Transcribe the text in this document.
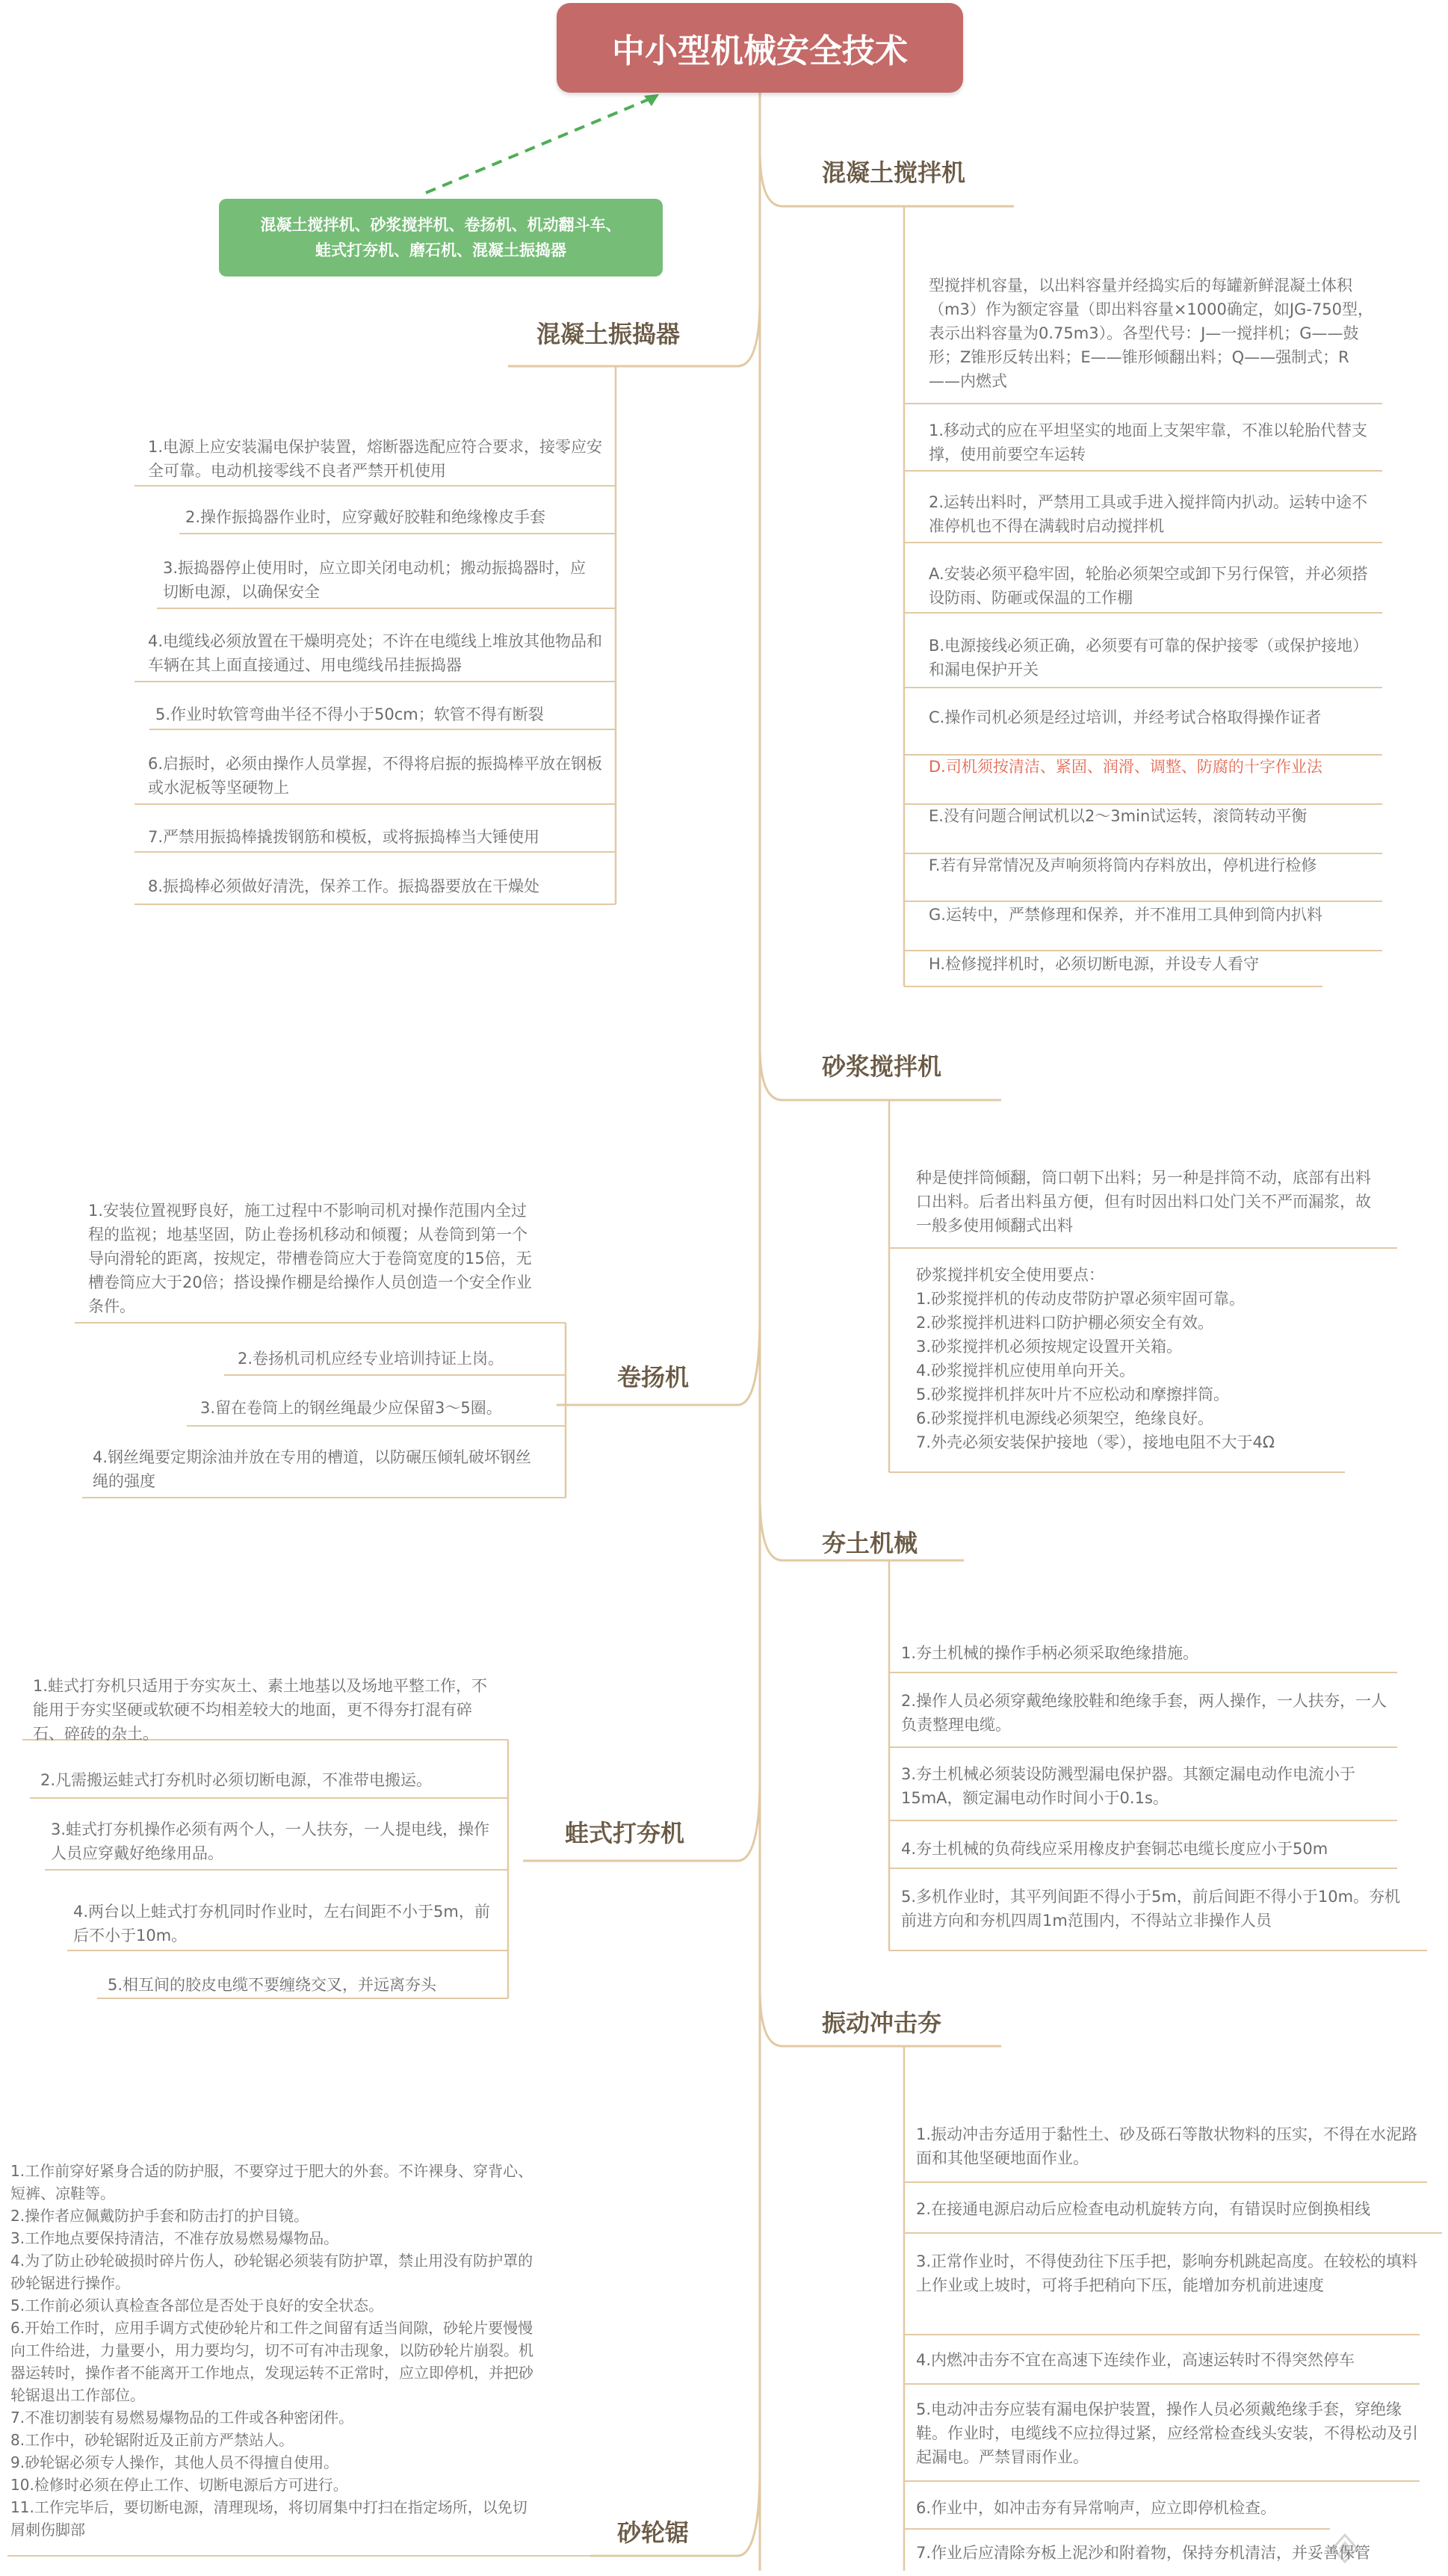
中小型机械安全技术
混凝土搅拌机、砂浆搅拌机、卷扬机、机动翻斗车、
蛙式打夯机、磨石机、混凝土振捣器
混凝土搅拌机
型搅拌机容量，以出料容量并经捣实后的每罐新鲜混凝土体积（m3）作为额定容量（即出料容量×1000确定，如JG-750型，表示出料容量为0.75m3）。各型代号：J—一搅拌机；G——鼓形；Z锥形反转出料；E——锥形倾翻出料；Q——强制式；R——内燃式
1.移动式的应在平坦坚实的地面上支架牢靠，不准以轮胎代替支撑，使用前要空车运转
2.运转出料时，严禁用工具或手进入搅拌筒内扒动。运转中途不准停机也不得在满载时启动搅拌机
A.安装必须平稳牢固，轮胎必须架空或卸下另行保管，并必须搭设防雨、防砸或保温的工作棚
B.电源接线必须正确，必须要有可靠的保护接零（或保护接地）和漏电保护开关
C.操作司机必须是经过培训，并经考试合格取得操作证者
D.司机须按清洁、紧固、润滑、调整、防腐的十字作业法
E.没有问题合闸试机以2～3min试运转，滚筒转动平衡
F.若有异常情况及声响须将筒内存料放出，停机进行检修
G.运转中，严禁修理和保养，并不准用工具伸到筒内扒料
H.检修搅拌机时，必须切断电源，并设专人看守
砂浆搅拌机
种是使拌筒倾翻，筒口朝下出料；另一种是拌筒不动，底部有出料口出料。后者出料虽方便，但有时因出料口处门关不严而漏浆，故一般多使用倾翻式出料
砂浆搅拌机安全使用要点：
1.砂浆搅拌机的传动皮带防护罩必须牢固可靠。
2.砂浆搅拌机进料口防护棚必须安全有效。
3.砂浆搅拌机必须按规定设置开关箱。
4.砂浆搅拌机应使用单向开关。
5.砂浆搅拌机拌灰叶片不应松动和摩擦拌筒。
6.砂浆搅拌机电源线必须架空，绝缘良好。
7.外壳必须安装保护接地（零），接地电阻不大于4Ω
夯土机械
1.夯土机械的操作手柄必须采取绝缘措施。
2.操作人员必须穿戴绝缘胶鞋和绝缘手套，两人操作，一人扶夯，一人负责整理电缆。
3.夯土机械必须装设防溅型漏电保护器。其额定漏电动作电流小于15mA，额定漏电动作时间小于0.1s。
4.夯土机械的负荷线应采用橡皮护套铜芯电缆长度应小于50m
5.多机作业时，其平列间距不得小于5m，前后间距不得小于10m。夯机前进方向和夯机四周1m范围内，不得站立非操作人员
振动冲击夯
1.振动冲击夯适用于黏性土、砂及砾石等散状物料的压实，不得在水泥路面和其他坚硬地面作业。
2.在接通电源启动后应检查电动机旋转方向，有错误时应倒换相线
3.正常作业时，不得使劲往下压手把，影响夯机跳起高度。在较松的填料上作业或上坡时，可将手把稍向下压，能增加夯机前进速度
4.内燃冲击夯不宜在高速下连续作业，高速运转时不得突然停车
5.电动冲击夯应装有漏电保护装置，操作人员必须戴绝缘手套，穿绝缘鞋。作业时，电缆线不应拉得过紧，应经常检查线头安装，不得松动及引起漏电。严禁冒雨作业。
6.作业中，如冲击夯有异常响声，应立即停机检查。
7.作业后应清除夯板上泥沙和附着物，保持夯机清洁，并妥善保管
混凝土振捣器
1.电源上应安装漏电保护装置，熔断器选配应符合要求，接零应安全可靠。电动机接零线不良者严禁开机使用
2.操作振捣器作业时，应穿戴好胶鞋和绝缘橡皮手套
3.振捣器停止使用时，应立即关闭电动机；搬动振捣器时，应切断电源，以确保安全
4.电缆线必须放置在干燥明亮处；不许在电缆线上堆放其他物品和车辆在其上面直接通过、用电缆线吊挂振捣器
5.作业时软管弯曲半径不得小于50cm；软管不得有断裂
6.启振时，必须由操作人员掌握，不得将启振的振捣棒平放在钢板或水泥板等坚硬物上
7.严禁用振捣棒撬拨钢筋和模板，或将振捣棒当大锤使用
8.振捣棒必须做好清洗，保养工作。振捣器要放在干燥处
卷扬机
1.安装位置视野良好，施工过程中不影响司机对操作范围内全过程的监视；地基坚固，防止卷扬机移动和倾覆；从卷筒到第一个导向滑轮的距离，按规定，带槽卷筒应大于卷筒宽度的15倍，无槽卷筒应大于20倍；搭设操作棚是给操作人员创造一个安全作业条件。
2.卷扬机司机应经专业培训持证上岗。
3.留在卷筒上的钢丝绳最少应保留3～5圈。
4.钢丝绳要定期涂油并放在专用的槽道，以防碾压倾轧破坏钢丝绳的强度
蛙式打夯机
1.蛙式打夯机只适用于夯实灰土、素土地基以及场地平整工作，不能用于夯实坚硬或软硬不均相差较大的地面，更不得夯打混有碎石、碎砖的杂土。
2.凡需搬运蛙式打夯机时必须切断电源，不准带电搬运。
3.蛙式打夯机操作必须有两个人，一人扶夯，一人提电线，操作人员应穿戴好绝缘用品。
4.两台以上蛙式打夯机同时作业时，左右间距不小于5m，前后不小于10m。
5.相互间的胶皮电缆不要缠绕交叉，并远离夯头
砂轮锯
1.工作前穿好紧身合适的防护服，不要穿过于肥大的外套。不许裸身、穿背心、短裤、凉鞋等。
2.操作者应佩戴防护手套和防击打的护目镜。
3.工作地点要保持清洁，不准存放易燃易爆物品。
4.为了防止砂轮破损时碎片伤人，砂轮锯必须装有防护罩，禁止用没有防护罩的砂轮锯进行操作。
5.工作前必须认真检查各部位是否处于良好的安全状态。
6.开始工作时，应用手调方式使砂轮片和工件之间留有适当间隙，砂轮片要慢慢向工件给进，力量要小，用力要均匀，切不可有冲击现象，以防砂轮片崩裂。机器运转时，操作者不能离开工作地点，发现运转不正常时，应立即停机，并把砂轮锯退出工作部位。
7.不准切割装有易燃易爆物品的工件或各种密闭件。
8.工作中，砂轮锯附近及正前方严禁站人。
9.砂轮锯必须专人操作，其他人员不得擅自使用。
10.检修时必须在停止工作、切断电源后方可进行。
11.工作完毕后，要切断电源，清理现场，将切屑集中打扫在指定场所，以免切屑刺伤脚部
